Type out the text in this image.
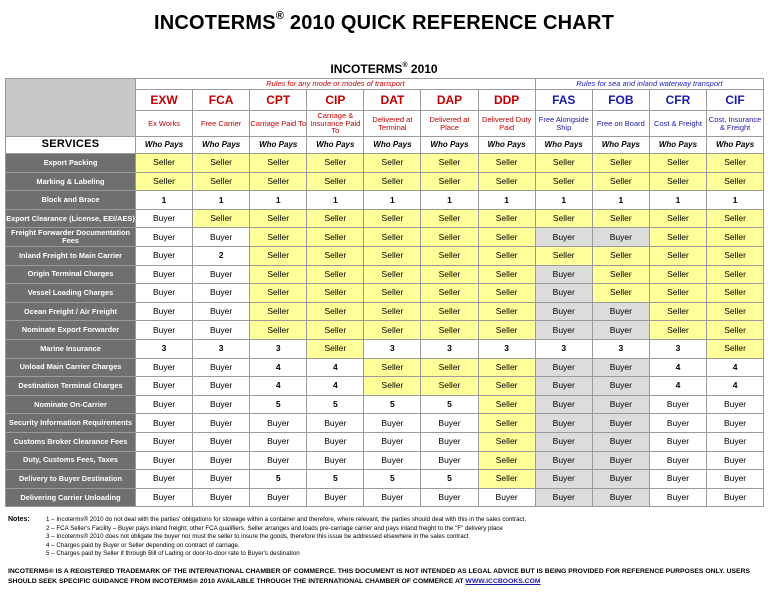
INCOTERMS® 2010 QUICK REFERENCE CHART
INCOTERMS® 2010
	Rules for any mode or modes of transport							Rules for sea and inland waterway transport			
	EXW	FCA	CPT	CIP	DAT	DAP	DDP	FAS	FOB	CFR	CIF
	Ex Works	Free Carrier	Carriage Paid To	Carriage & Insurance Paid To	Delivered at Terminal	Delivered at Place	Delivered Duty Paid	Free Alongside Ship	Free on Board	Cost & Freight	Cost, Insurance & Freight
SERVICES	Who Pays	Who Pays	Who Pays	Who Pays	Who Pays	Who Pays	Who Pays	Who Pays	Who Pays	Who Pays	Who Pays
Export Packing	Seller	Seller	Seller	Seller	Seller	Seller	Seller	Seller	Seller	Seller	Seller
Marking & Labeling	Seller	Seller	Seller	Seller	Seller	Seller	Seller	Seller	Seller	Seller	Seller
Block and Brace	1	1	1	1	1	1	1	1	1	1	1
Export Clearance (License, EEI/AES)	Buyer	Seller	Seller	Seller	Seller	Seller	Seller	Seller	Seller	Seller	Seller
Freight Forwarder Documentation Fees	Buyer	Buyer	Seller	Seller	Seller	Seller	Seller	Buyer	Buyer	Seller	Seller
Inland Freight to Main Carrier	Buyer	2	Seller	Seller	Seller	Seller	Seller	Seller	Seller	Seller	Seller
Origin Terminal Charges	Buyer	Buyer	Seller	Seller	Seller	Seller	Seller	Buyer	Seller	Seller	Seller
Vessel Loading Charges	Buyer	Buyer	Seller	Seller	Seller	Seller	Seller	Buyer	Seller	Seller	Seller
Ocean Freight / Air Freight	Buyer	Buyer	Seller	Seller	Seller	Seller	Seller	Buyer	Buyer	Seller	Seller
Nominate Export Forwarder	Buyer	Buyer	Seller	Seller	Seller	Seller	Seller	Buyer	Buyer	Seller	Seller
Marine Insurance	3	3	3	Seller	3	3	3	3	3	3	Seller
Unload Main Carrier Charges	Buyer	Buyer	4	4	Seller	Seller	Seller	Buyer	Buyer	4	4
Destination Terminal Charges	Buyer	Buyer	4	4	Seller	Seller	Seller	Buyer	Buyer	4	4
Nominate On-Carrier	Buyer	Buyer	5	5	5	5	Seller	Buyer	Buyer	Buyer	Buyer
Security Information Requirements	Buyer	Buyer	Buyer	Buyer	Buyer	Buyer	Seller	Buyer	Buyer	Buyer	Buyer
Customs Broker Clearance Fees	Buyer	Buyer	Buyer	Buyer	Buyer	Buyer	Seller	Buyer	Buyer	Buyer	Buyer
Duty, Customs Fees, Taxes	Buyer	Buyer	Buyer	Buyer	Buyer	Buyer	Seller	Buyer	Buyer	Buyer	Buyer
Delivery to Buyer Destination	Buyer	Buyer	5	5	5	5	Seller	Buyer	Buyer	Buyer	Buyer
Delivering Carrier Unloading	Buyer	Buyer	Buyer	Buyer	Buyer	Buyer	Buyer	Buyer	Buyer	Buyer	Buyer
Notes:	1 – Incoterms® 2010 do not deal with the parties' obligations for stowage within a container and therefore, where relevant, the parties should deal with this in the sales contract.
2 – FCA Seller's Facility – Buyer pays inland freight; other FCA qualifiers. Seller arranges and loads pre-carriage carrier and pays inland freight to the "F" delivery place
3 – Incoterms® 2010 does not obligate the buyer nor must the seller to insure the goods, therefore this issue be addressed elsewhere in the sales contract
4 – Charges paid by Buyer or Seller depending on contract of carriage.
5 – Charges paid by Seller if through Bill of Lading or door-to-door rate to Buyer's destination
INCOTERMS® IS A REGISTERED TRADEMARK OF THE INTERNATIONAL CHAMBER OF COMMERCE. THIS DOCUMENT IS NOT INTENDED AS LEGAL ADVICE BUT IS BEING PROVIDED FOR REFERENCE PURPOSES ONLY. USERS SHOULD SEEK SPECIFIC GUIDANCE FROM INCOTERMS® 2010 AVAILABLE THROUGH THE INTERNATIONAL CHAMBER OF COMMERCE AT WWW.ICCBOOKS.COM
